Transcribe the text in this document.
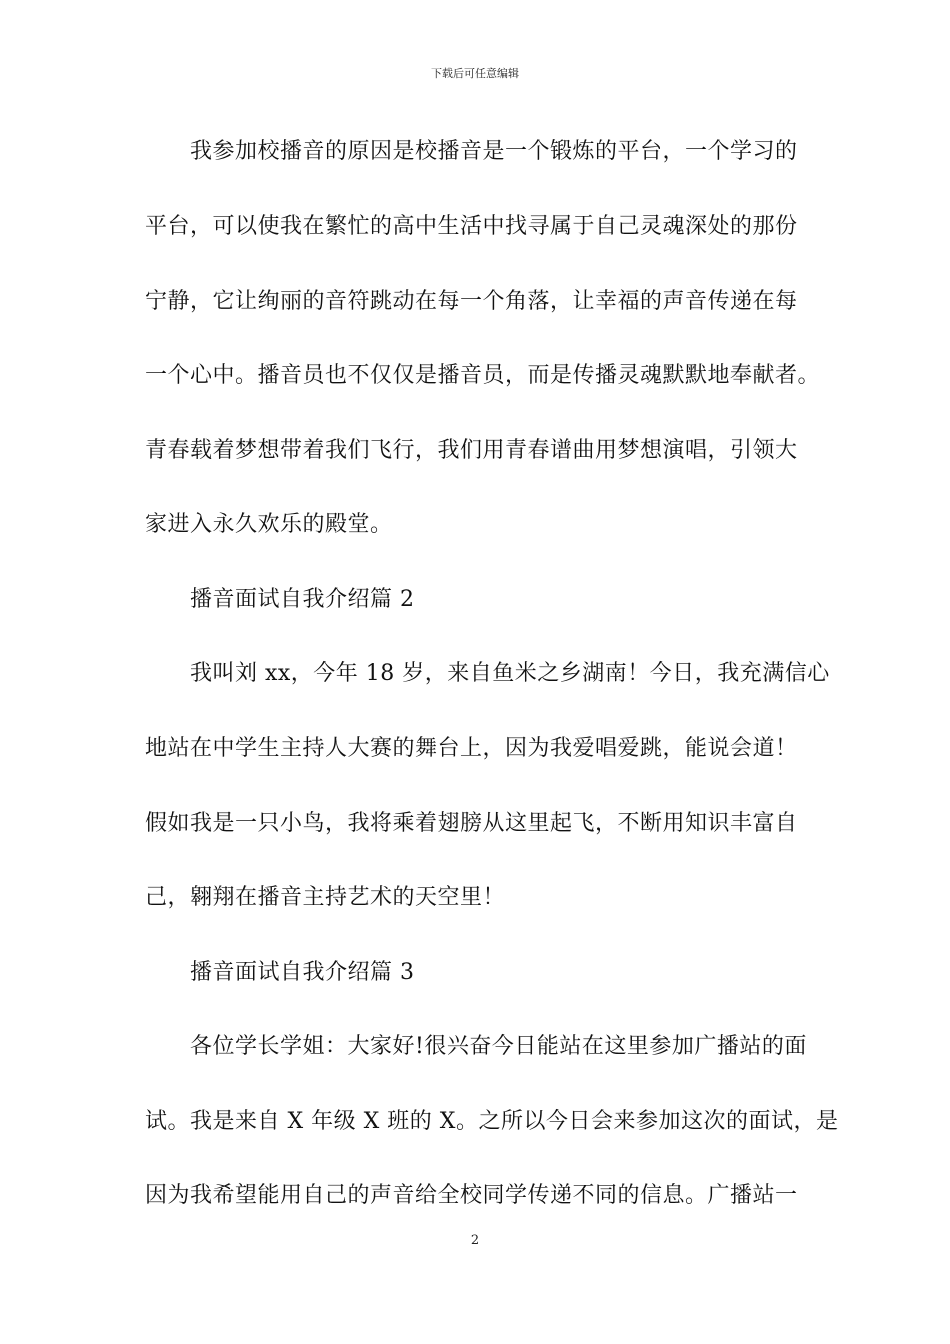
下载后可任意编辑
我参加校播音的原因是校播音是一个锻炼的平台，一个学习的
平台，可以使我在繁忙的高中生活中找寻属于自己灵魂深处的那份
宁静，它让绚丽的音符跳动在每一个角落，让幸福的声音传递在每
一个心中。播音员也不仅仅是播音员，而是传播灵魂默默地奉献者。
青春载着梦想带着我们飞行，我们用青春谱曲用梦想演唱，引领大
家进入永久欢乐的殿堂。
播音面试自我介绍篇 2
我叫刘 xx，今年 18 岁，来自鱼米之乡湖南！今日，我充满信心
地站在中学生主持人大赛的舞台上，因为我爱唱爱跳，能说会道！
假如我是一只小鸟，我将乘着翅膀从这里起飞，不断用知识丰富自
己，翱翔在播音主持艺术的天空里！
播音面试自我介绍篇 3
各位学长学姐：大家好!很兴奋今日能站在这里参加广播站的面
试。我是来自 X 年级 X 班的 X。之所以今日会来参加这次的面试，是
因为我希望能用自己的声音给全校同学传递不同的信息。广播站一
2
